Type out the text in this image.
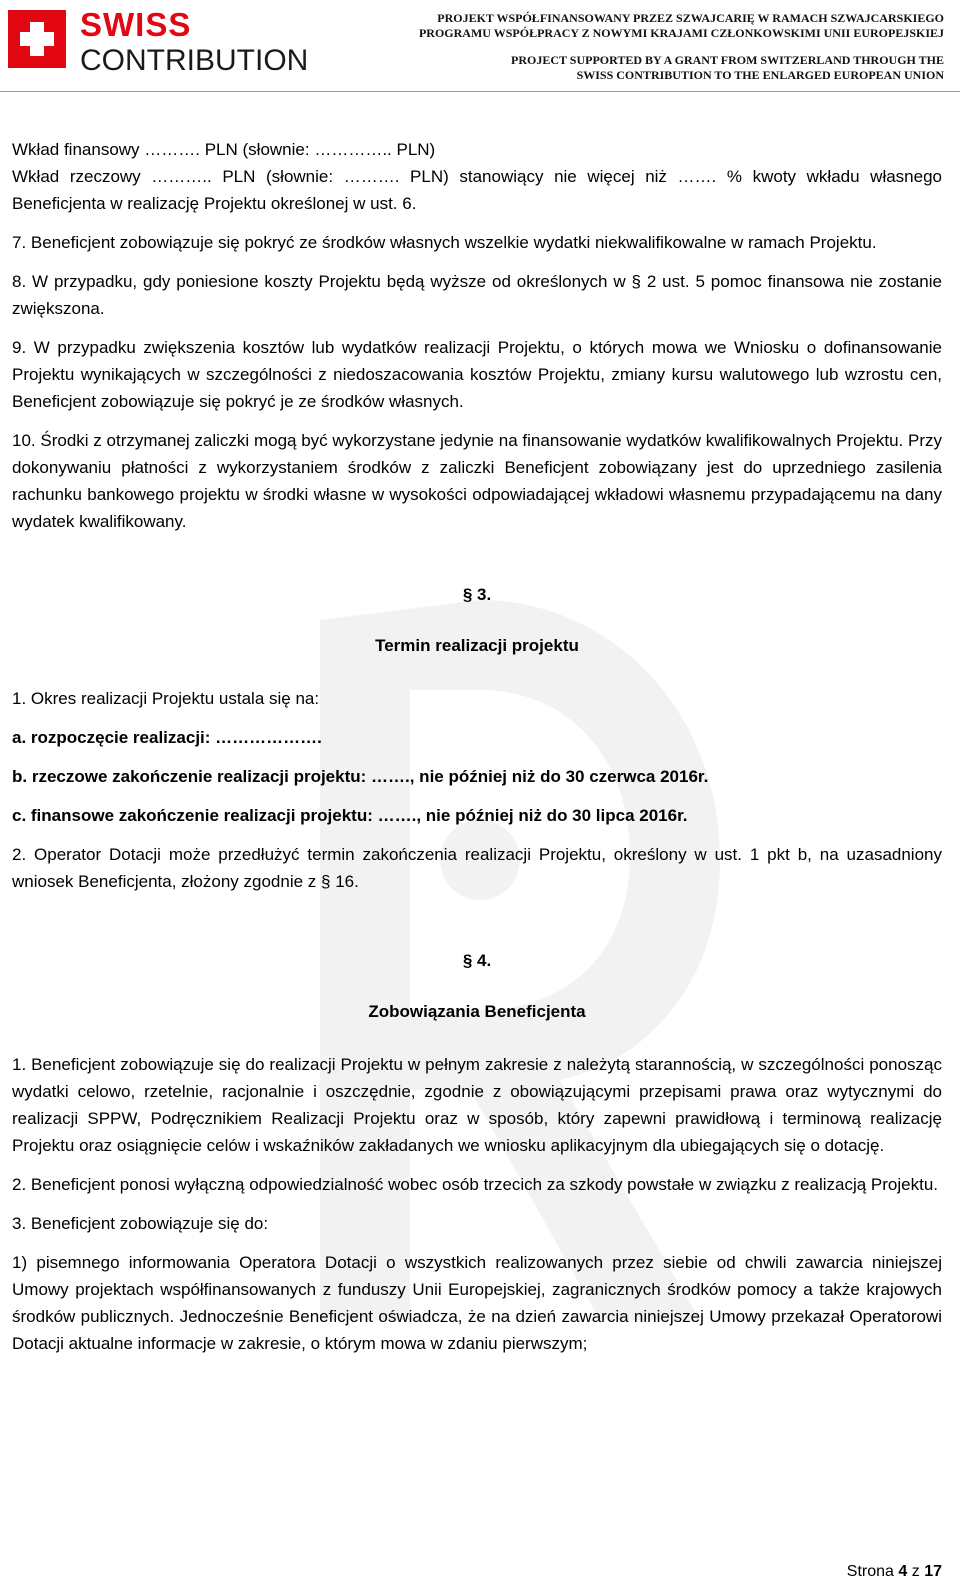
SWISS
CONTRIBUTION
PROJEKT WSPÓŁFINANSOWANY PRZEZ SZWAJCARIĘ W RAMACH SZWAJCARSKIEGO
PROGRAMU WSPÓŁPRACY Z NOWYMI KRAJAMI CZŁONKOWSKIMI UNII EUROPEJSKIEJ
PROJECT SUPPORTED BY A GRANT FROM SWITZERLAND THROUGH THE
SWISS CONTRIBUTION TO THE ENLARGED EUROPEAN UNION

Wkład finansowy ………. PLN (słownie: ………….. PLN)

Wkład rzeczowy ……….. PLN (słownie: ………. PLN) stanowiący nie więcej niż ……. % kwoty wkładu własnego Beneficjenta w realizację Projektu określonej w ust. 6.

7. Beneficjent zobowiązuje się pokryć ze środków własnych wszelkie wydatki niekwalifikowalne w ramach Projektu.

8. W przypadku, gdy poniesione koszty Projektu będą wyższe od określonych w § 2 ust. 5 pomoc finansowa nie zostanie zwiększona.

9. W przypadku zwiększenia kosztów lub wydatków realizacji Projektu, o których mowa we Wniosku o dofinansowanie Projektu wynikających w szczególności z niedoszacowania kosztów Projektu, zmiany kursu walutowego lub wzrostu cen, Beneficjent zobowiązuje się pokryć je ze środków własnych.

10. Środki z otrzymanej zaliczki mogą być wykorzystane jedynie na finansowanie wydatków kwalifikowalnych Projektu. Przy dokonywaniu płatności z wykorzystaniem środków z zaliczki Beneficjent zobowiązany jest do uprzedniego zasilenia rachunku bankowego projektu w środki własne w wysokości odpowiadającej wkładowi własnemu przypadającemu na dany wydatek kwalifikowany.

§ 3.

Termin realizacji projektu

1. Okres realizacji Projektu ustala się na:

a. rozpoczęcie realizacji: ……………….

b. rzeczowe zakończenie realizacji projektu: ……., nie później niż do 30 czerwca 2016r.

c. finansowe zakończenie realizacji projektu: ……., nie później niż do 30 lipca 2016r.

2. Operator Dotacji może przedłużyć termin zakończenia realizacji Projektu, określony w ust. 1 pkt b, na uzasadniony wniosek Beneficjenta, złożony zgodnie z § 16.

§ 4.

Zobowiązania Beneficjenta

1. Beneficjent zobowiązuje się do realizacji Projektu w pełnym zakresie z należytą starannością, w szczególności ponosząc wydatki celowo, rzetelnie, racjonalnie i oszczędnie, zgodnie z obowiązującymi przepisami prawa oraz wytycznymi do realizacji SPPW, Podręcznikiem Realizacji Projektu oraz w sposób, który zapewni prawidłową i terminową realizację Projektu oraz osiągnięcie celów i wskaźników zakładanych we wniosku aplikacyjnym dla ubiegających się o dotację.

2. Beneficjent ponosi wyłączną odpowiedzialność wobec osób trzecich za szkody powstałe w związku z realizacją Projektu.

3. Beneficjent zobowiązuje się do:

1) pisemnego informowania Operatora Dotacji o wszystkich realizowanych przez siebie od chwili zawarcia niniejszej Umowy projektach współfinansowanych z funduszy Unii Europejskiej, zagranicznych środków pomocy a także krajowych środków publicznych. Jednocześnie Beneficjent oświadcza, że na dzień zawarcia niniejszej Umowy przekazał Operatorowi Dotacji aktualne informacje w zakresie, o którym mowa w zdaniu pierwszym;

Strona 4 z 17
